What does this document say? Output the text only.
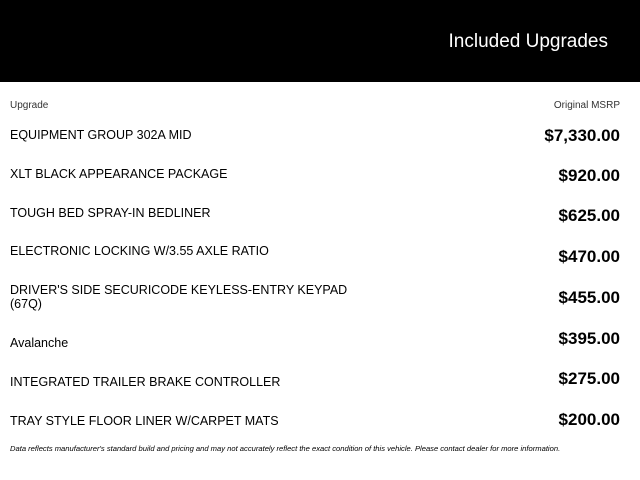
Included Upgrades
Upgrade	Original MSRP
EQUIPMENT GROUP 302A MID	$7,330.00
XLT BLACK APPEARANCE PACKAGE	$920.00
TOUGH BED SPRAY-IN BEDLINER	$625.00
ELECTRONIC LOCKING W/3.55 AXLE RATIO	$470.00
DRIVER'S SIDE SECURICODE KEYLESS-ENTRY KEYPAD (67Q)	$455.00
Avalanche	$395.00
INTEGRATED TRAILER BRAKE CONTROLLER	$275.00
TRAY STYLE FLOOR LINER W/CARPET MATS	$200.00
Data reflects manufacturer's standard build and pricing and may not accurately reflect the exact condition of this vehicle. Please contact dealer for more information.
